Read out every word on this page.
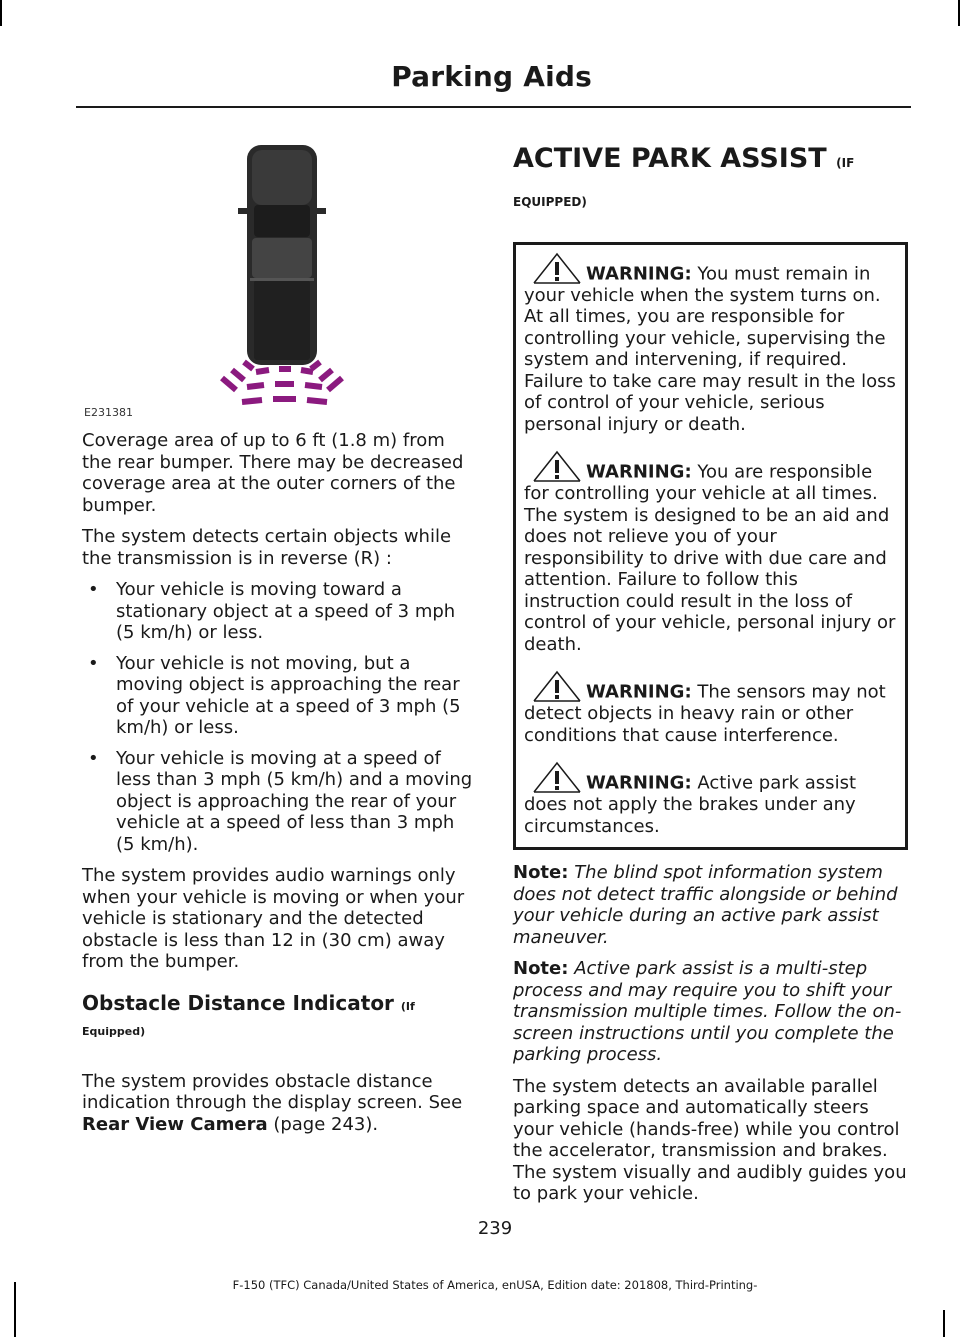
Parking Aids
E231381

Coverage area of up to 6 ft (1.8 m) from the rear bumper. There may be decreased coverage area at the outer corners of the bumper.

The system detects certain objects while the transmission is in reverse (R) :

• Your vehicle is moving toward a stationary object at a speed of 3 mph (5 km/h) or less.
• Your vehicle is not moving, but a moving object is approaching the rear of your vehicle at a speed of 3 mph (5 km/h) or less.
• Your vehicle is moving at a speed of less than 3 mph (5 km/h) and a moving object is approaching the rear of your vehicle at a speed of less than 3 mph (5 km/h).

The system provides audio warnings only when your vehicle is moving or when your vehicle is stationary and the detected obstacle is less than 12 in (30 cm) away from the bumper.

Obstacle Distance Indicator (If
Equipped)

The system provides obstacle distance indication through the display screen. See
Rear View Camera (page 243).

ACTIVE PARK ASSIST (IF
EQUIPPED)
WARNING: You must remain in your vehicle when the system turns on. At all times, you are responsible for controlling your vehicle, supervising the system and intervening, if required. Failure to take care may result in the loss of control of your vehicle, serious personal injury or death.
WARNING: You are responsible for controlling your vehicle at all times. The system is designed to be an aid and does not relieve you of your responsibility to drive with due care and attention. Failure to follow this instruction could result in the loss of control of your vehicle, personal injury or death.
WARNING: The sensors may not detect objects in heavy rain or other conditions that cause interference.
WARNING: Active park assist does not apply the brakes under any circumstances.

Note: The blind spot information system does not detect traffic alongside or behind your vehicle during an active park assist maneuver.

Note: Active park assist is a multi-step process and may require you to shift your transmission multiple times. Follow the on-screen instructions until you complete the parking process.

The system detects an available parallel parking space and automatically steers your vehicle (hands-free) while you control the accelerator, transmission and brakes. The system visually and audibly guides you to park your vehicle.

239
F-150 (TFC) Canada/United States of America, enUSA, Edition date: 201808, Third-Printing-
